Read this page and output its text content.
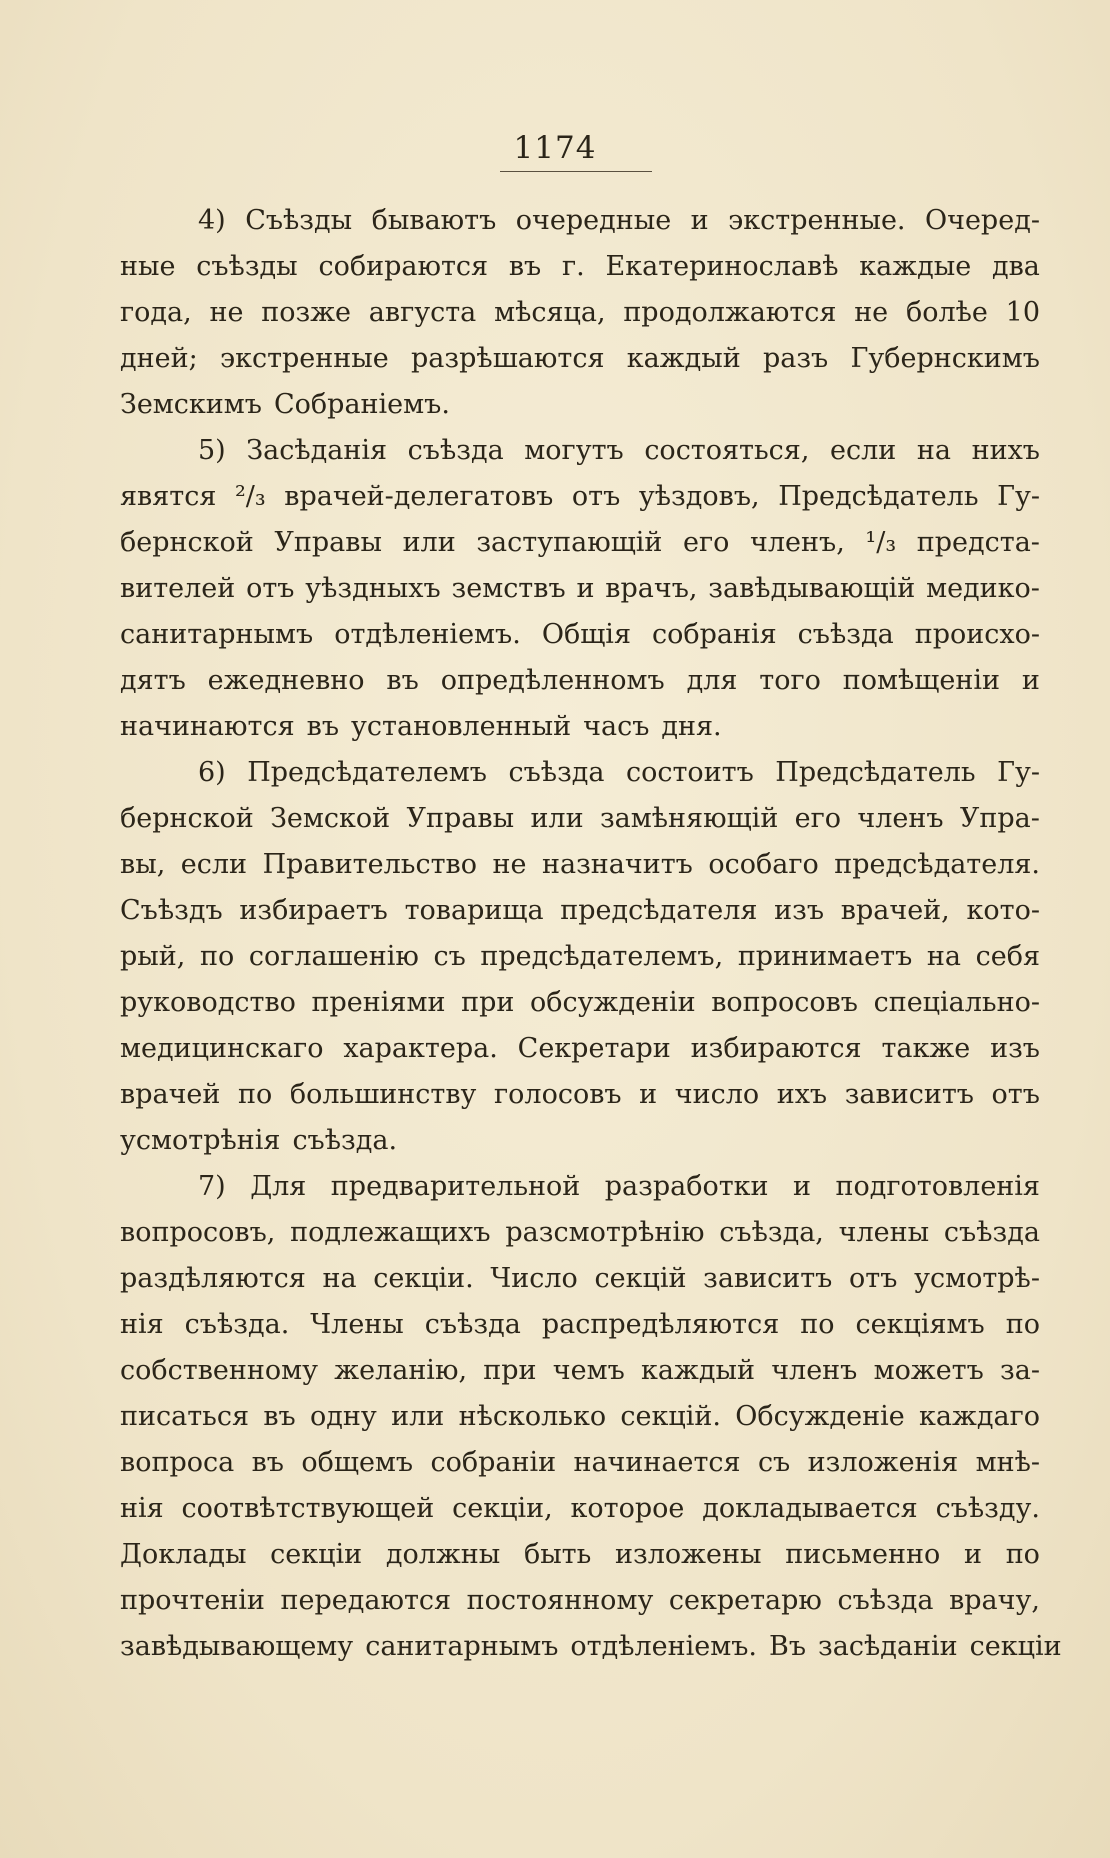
1174
4) Съѣзды бываютъ очередные и экстренные. Очеред-
ные съѣзды собираются въ г. Екатеринославѣ каждые два
года, не позже августа мѣсяца, продолжаются не болѣе 10
дней; экстренные разрѣшаются каждый разъ Губернскимъ
Земскимъ Собраніемъ.
5) Засѣданія съѣзда могутъ состояться, если на нихъ
явятся ²/₃ врачей-делегатовъ отъ уѣздовъ, Предсѣдатель Гу-
бернской Управы или заступающій его членъ, ¹/₃ предста-
вителей отъ уѣздныхъ земствъ и врачъ, завѣдывающій медико-
санитарнымъ отдѣленіемъ. Общія собранія съѣзда происхо-
дятъ ежедневно въ опредѣленномъ для того помѣщеніи и
начинаются въ установленный часъ дня.
6) Предсѣдателемъ съѣзда состоитъ Предсѣдатель Гу-
бернской Земской Управы или замѣняющій его членъ Упра-
вы, если Правительство не назначитъ особаго предсѣдателя.
Съѣздъ избираетъ товарища предсѣдателя изъ врачей, кото-
рый, по соглашенію съ предсѣдателемъ, принимаетъ на себя
руководство преніями при обсужденіи вопросовъ спеціально-
медицинскаго характера. Секретари избираются также изъ
врачей по большинству голосовъ и число ихъ зависитъ отъ
усмотрѣнія съѣзда.
7) Для предварительной разработки и подготовленія
вопросовъ, подлежащихъ разсмотрѣнію съѣзда, члены съѣзда
раздѣляются на секціи. Число секцій зависитъ отъ усмотрѣ-
нія съѣзда. Члены съѣзда распредѣляются по секціямъ по
собственному желанію, при чемъ каждый членъ можетъ за-
писаться въ одну или нѣсколько секцій. Обсужденіе каждаго
вопроса въ общемъ собраніи начинается съ изложенія мнѣ-
нія соотвѣтствующей секціи, которое докладывается съѣзду.
Доклады секціи должны быть изложены письменно и по
прочтеніи передаются постоянному секретарю съѣзда врачу,
завѣдывающему санитарнымъ отдѣленіемъ. Въ засѣданіи секціи
